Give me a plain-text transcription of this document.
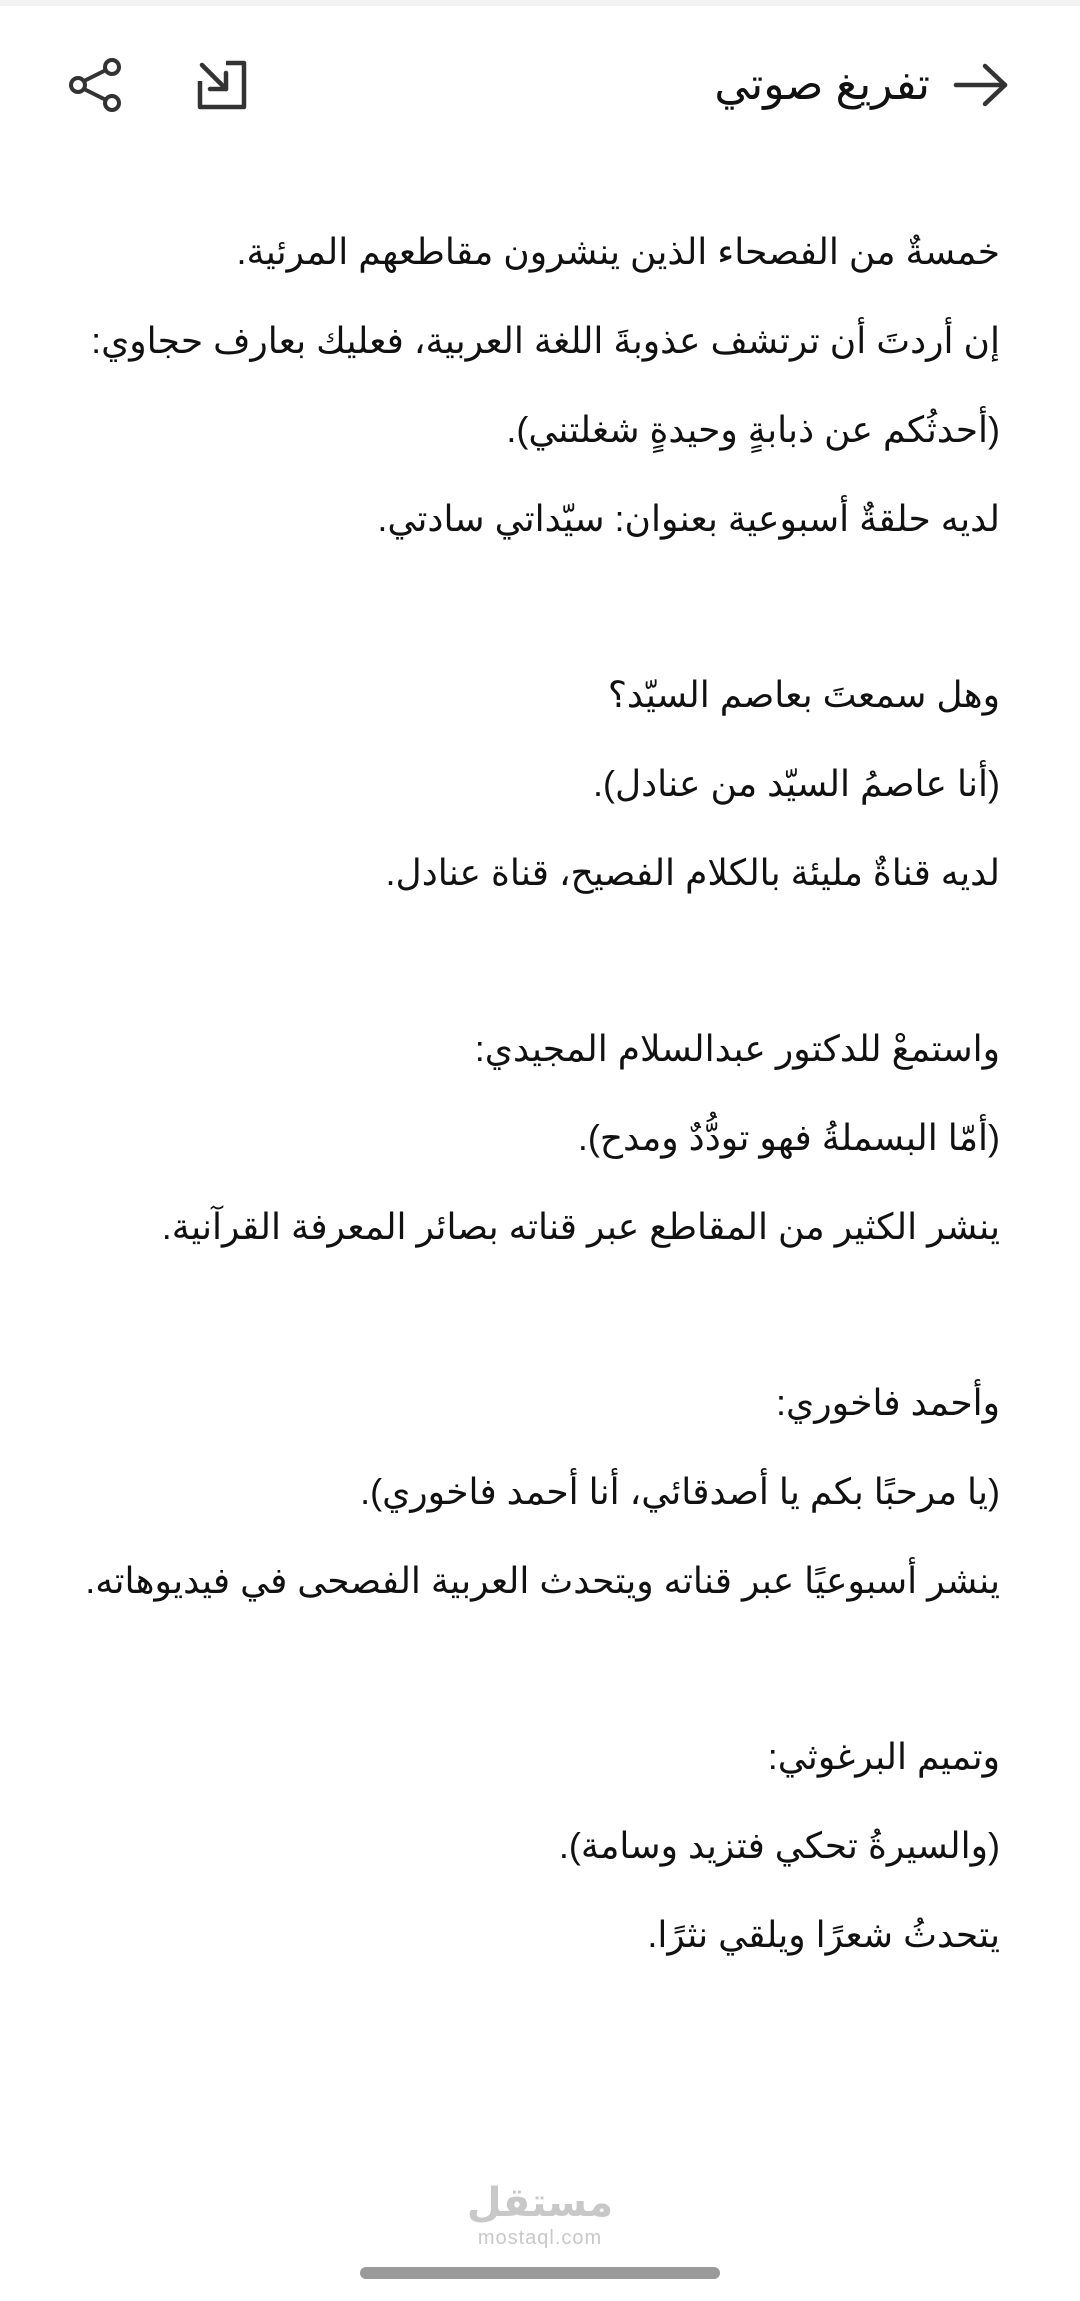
تفريغ صوتي
خمسةٌ من الفصحاء الذين ينشرون مقاطعهم المرئية.
إن أردتَ أن ترتشف عذوبةَ اللغة العربية، فعليك بعارف حجاوي:
(أحدثُكم عن ذبابةٍ وحيدةٍ شغلتني).
لديه حلقةٌ أسبوعية بعنوان: سيّداتي سادتي.
وهل سمعتَ بعاصم السيّد؟
(أنا عاصمُ السيّد من عنادل).
لديه قناةٌ مليئة بالكلام الفصيح، قناة عنادل.
واستمعْ للدكتور عبدالسلام المجيدي:
(أمّا البسملةُ فهو تودُّدٌ ومدح).
ينشر الكثير من المقاطع عبر قناته بصائر المعرفة القرآنية.
وأحمد فاخوري:
(يا مرحبًا بكم يا أصدقائي، أنا أحمد فاخوري).
ينشر أسبوعيًا عبر قناته ويتحدث العربية الفصحى في فيديوهاته.
وتميم البرغوثي:
(والسيرةُ تحكي فتزيد وسامة).
يتحدثُ شعرًا ويلقي نثرًا.
مستقل
mostaql.com
